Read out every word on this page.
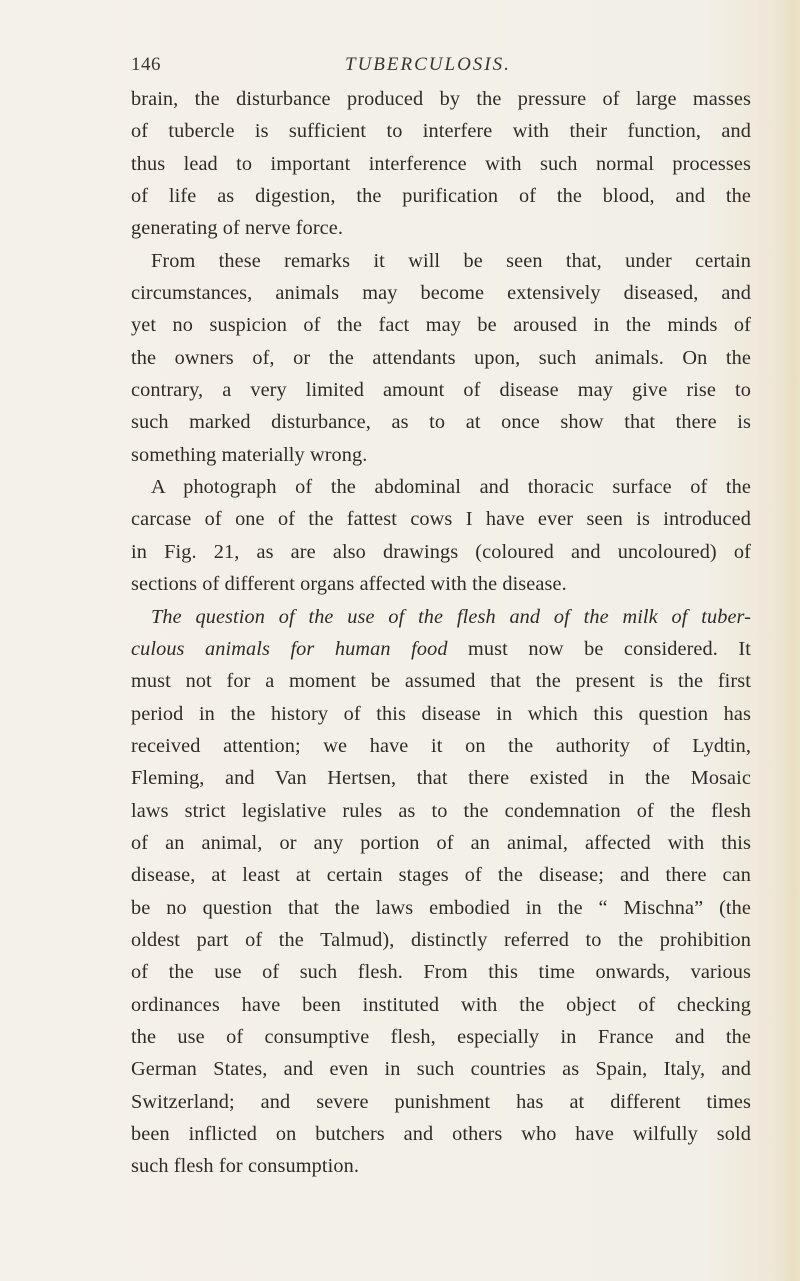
146	TUBERCULOSIS.
brain, the disturbance produced by the pressure of large masses
of tubercle is sufficient to interfere with their function, and
thus lead to important interference with such normal processes
of life as digestion, the purification of the blood, and the
generating of nerve force.
From these remarks it will be seen that, under certain
circumstances, animals may become extensively diseased, and
yet no suspicion of the fact may be aroused in the minds of
the owners of, or the attendants upon, such animals. On the
contrary, a very limited amount of disease may give rise to
such marked disturbance, as to at once show that there is
something materially wrong.
A photograph of the abdominal and thoracic surface of the
carcase of one of the fattest cows I have ever seen is introduced
in Fig. 21, as are also drawings (coloured and uncoloured) of
sections of different organs affected with the disease.
The question of the use of the flesh and of the milk of tuber-
culous animals for human food must now be considered. It
must not for a moment be assumed that the present is the first
period in the history of this disease in which this question has
received attention; we have it on the authority of Lydtin,
Fleming, and Van Hertsen, that there existed in the Mosaic
laws strict legislative rules as to the condemnation of the flesh
of an animal, or any portion of an animal, affected with this
disease, at least at certain stages of the disease; and there can
be no question that the laws embodied in the “ Mischna” (the
oldest part of the Talmud), distinctly referred to the prohibition
of the use of such flesh. From this time onwards, various
ordinances have been instituted with the object of checking
the use of consumptive flesh, especially in France and the
German States, and even in such countries as Spain, Italy, and
Switzerland; and severe punishment has at different times
been inflicted on butchers and others who have wilfully sold
such flesh for consumption.
